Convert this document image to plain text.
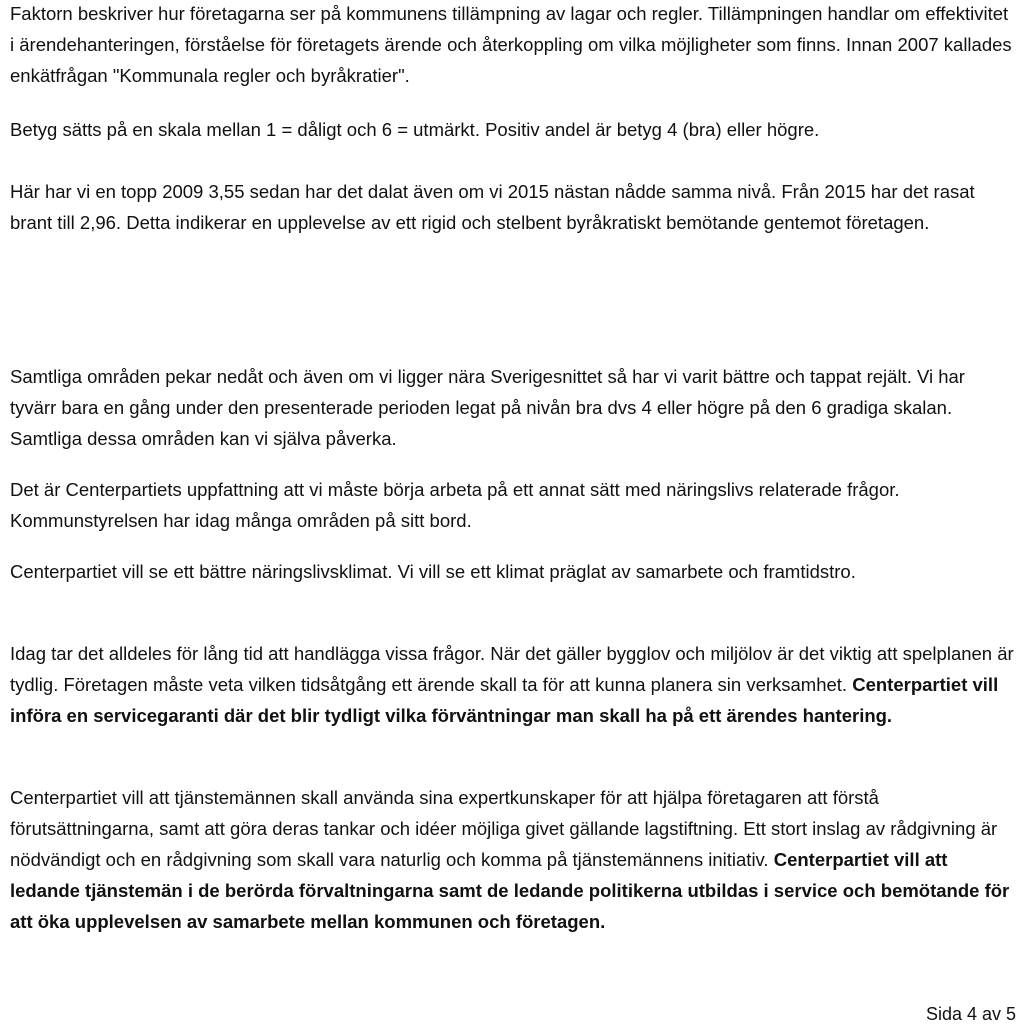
Faktorn beskriver hur företagarna ser på kommunens tillämpning av lagar och regler. Tillämpningen handlar om effektivitet i ärendehanteringen, förståelse för företagets ärende och återkoppling om vilka möjligheter som finns. Innan 2007 kallades enkätfrågan "Kommunala regler och byråkratier".

Betyg sätts på en skala mellan 1 = dåligt och 6 = utmärkt. Positiv andel är betyg 4 (bra) eller högre.

Här har vi en topp 2009 3,55 sedan har det dalat även om vi 2015 nästan nådde samma nivå. Från 2015 har det rasat brant till 2,96. Detta indikerar en upplevelse av ett rigid och stelbent byråkratiskt bemötande gentemot företagen.

Samtliga områden pekar nedåt och även om vi ligger nära Sverigesnittet så har vi varit bättre och tappat rejält. Vi har tyvärr bara en gång under den presenterade perioden legat på nivån bra dvs 4 eller högre på den 6 gradiga skalan. Samtliga dessa områden kan vi själva påverka.

Det är Centerpartiets uppfattning att vi måste börja arbeta på ett annat sätt med näringslivs relaterade frågor. Kommunstyrelsen har idag många områden på sitt bord.

Centerpartiet vill se ett bättre näringslivsklimat. Vi vill se ett klimat präglat av samarbete och framtidstro.

Idag tar det alldeles för lång tid att handlägga vissa frågor. När det gäller bygglov och miljölov är det viktig att spelplanen är tydlig. Företagen måste veta vilken tidsåtgång ett ärende skall ta för att kunna planera sin verksamhet. Centerpartiet vill införa en servicegaranti där det blir tydligt vilka förväntningar man skall ha på ett ärendes hantering.

Centerpartiet vill att tjänstemännen skall använda sina expertkunskaper för att hjälpa företagaren att förstå förutsättningarna, samt att göra deras tankar och idéer möjliga givet gällande lagstiftning. Ett stort inslag av rådgivning är nödvändigt och en rådgivning som skall vara naturlig och komma på tjänstemännens initiativ. Centerpartiet vill att ledande tjänstemän i de berörda förvaltningarna samt de ledande politikerna utbildas i service och bemötande för att öka upplevelsen av samarbete mellan kommunen och företagen.

Sida 4 av 5
